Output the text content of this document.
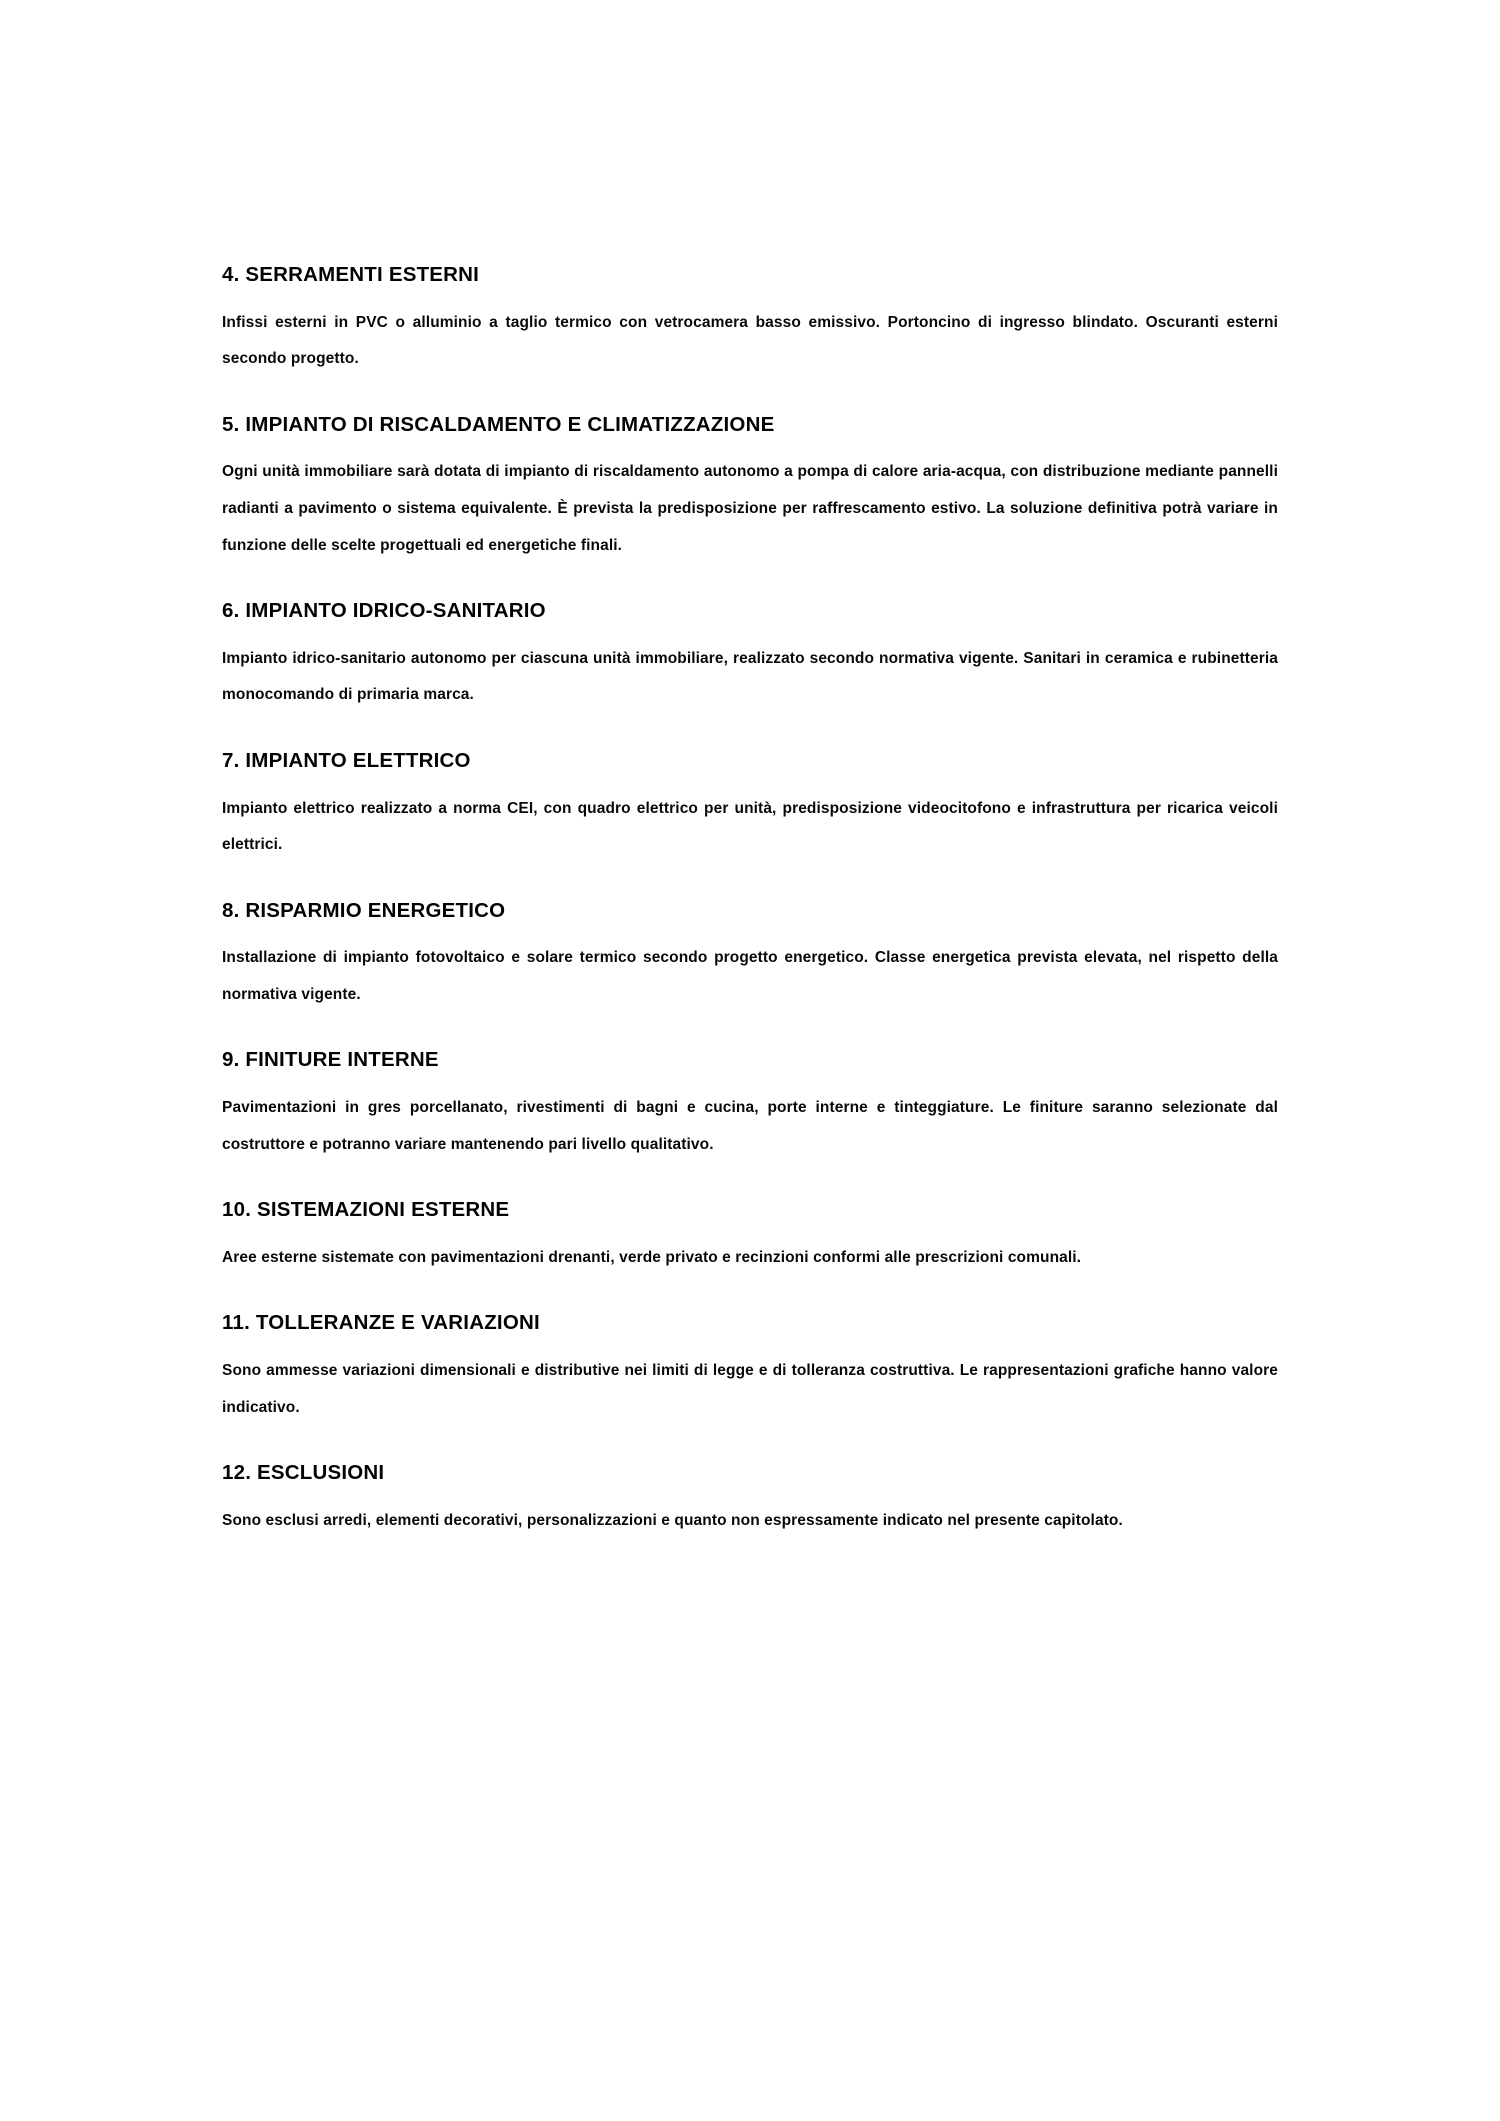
4. SERRAMENTI ESTERNI

Infissi esterni in PVC o alluminio a taglio termico con vetrocamera basso emissivo. Portoncino di ingresso blindato. Oscuranti esterni secondo progetto.

5. IMPIANTO DI RISCALDAMENTO E CLIMATIZZAZIONE

Ogni unità immobiliare sarà dotata di impianto di riscaldamento autonomo a pompa di calore aria-acqua, con distribuzione mediante pannelli radianti a pavimento o sistema equivalente. È prevista la predisposizione per raffrescamento estivo. La soluzione definitiva potrà variare in funzione delle scelte progettuali ed energetiche finali.

6. IMPIANTO IDRICO-SANITARIO

Impianto idrico-sanitario autonomo per ciascuna unità immobiliare, realizzato secondo normativa vigente. Sanitari in ceramica e rubinetteria monocomando di primaria marca.

7. IMPIANTO ELETTRICO

Impianto elettrico realizzato a norma CEI, con quadro elettrico per unità, predisposizione videocitofono e infrastruttura per ricarica veicoli elettrici.

8. RISPARMIO ENERGETICO

Installazione di impianto fotovoltaico e solare termico secondo progetto energetico. Classe energetica prevista elevata, nel rispetto della normativa vigente.

9. FINITURE INTERNE

Pavimentazioni in gres porcellanato, rivestimenti di bagni e cucina, porte interne e tinteggiature. Le finiture saranno selezionate dal costruttore e potranno variare mantenendo pari livello qualitativo.

10. SISTEMAZIONI ESTERNE

Aree esterne sistemate con pavimentazioni drenanti, verde privato e recinzioni conformi alle prescrizioni comunali.

11. TOLLERANZE E VARIAZIONI

Sono ammesse variazioni dimensionali e distributive nei limiti di legge e di tolleranza costruttiva. Le rappresentazioni grafiche hanno valore indicativo.

12. ESCLUSIONI

Sono esclusi arredi, elementi decorativi, personalizzazioni e quanto non espressamente indicato nel presente capitolato.
